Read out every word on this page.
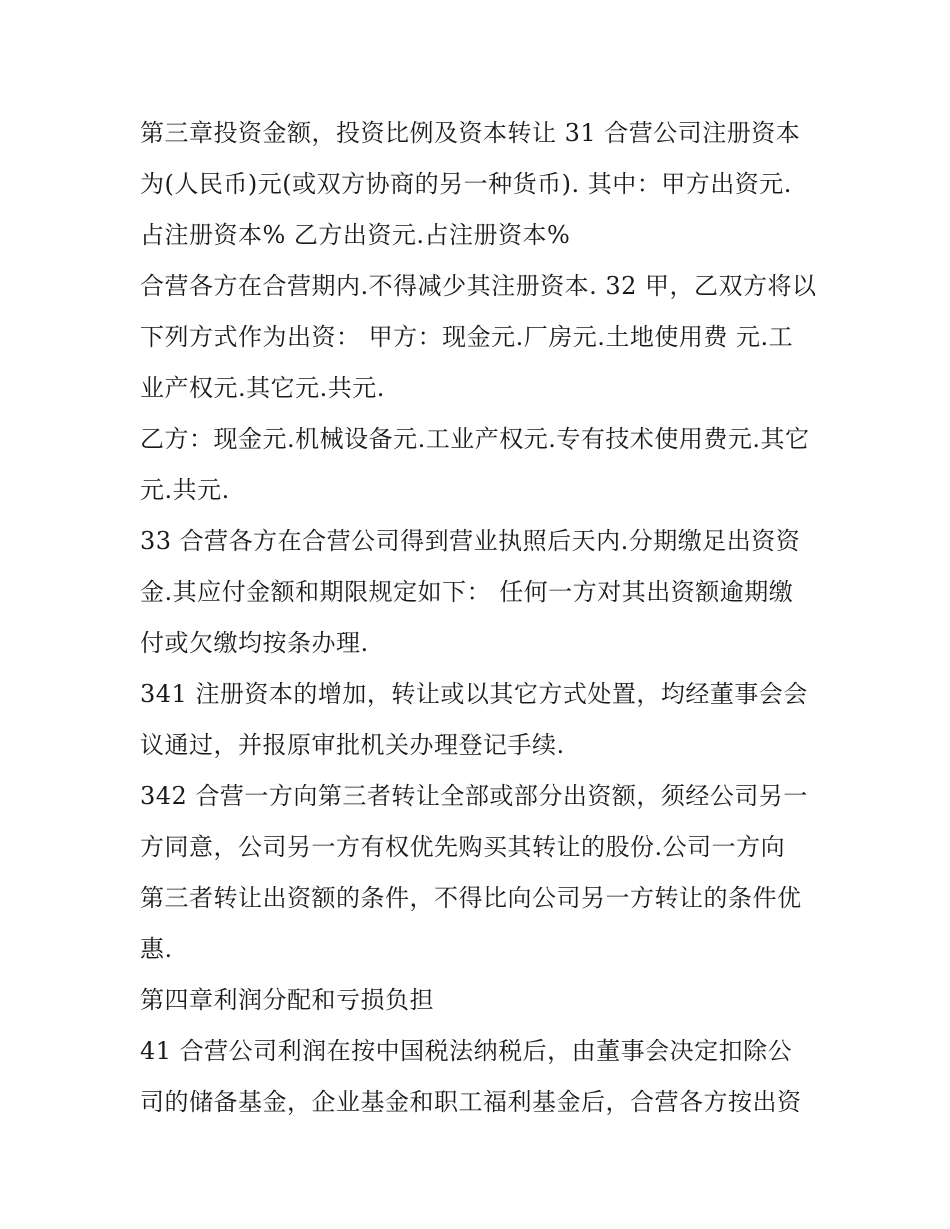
第三章投资金额，投资比例及资本转让 31 合营公司注册资本
为(人民币)元(或双方协商的另一种货币). 其中：甲方出资元.
占注册资本% 乙方出资元.占注册资本%

合营各方在合营期内.不得减少其注册资本. 32 甲，乙双方将以
下列方式作为出资： 甲方：现金元.厂房元.土地使用费 元.工
业产权元.其它元.共元.

乙方：现金元.机械设备元.工业产权元.专有技术使用费元.其它
元.共元.

33 合营各方在合营公司得到营业执照后天内.分期缴足出资资
金.其应付金额和期限规定如下： 任何一方对其出资额逾期缴
付或欠缴均按条办理.

341 注册资本的增加，转让或以其它方式处置，均经董事会会
议通过，并报原审批机关办理登记手续.

342 合营一方向第三者转让全部或部分出资额，须经公司另一
方同意，公司另一方有权优先购买其转让的股份.公司一方向
第三者转让出资额的条件，不得比向公司另一方转让的条件优
惠.

第四章利润分配和亏损负担

41 合营公司利润在按中国税法纳税后，由董事会决定扣除公
司的储备基金，企业基金和职工福利基金后，合营各方按出资
